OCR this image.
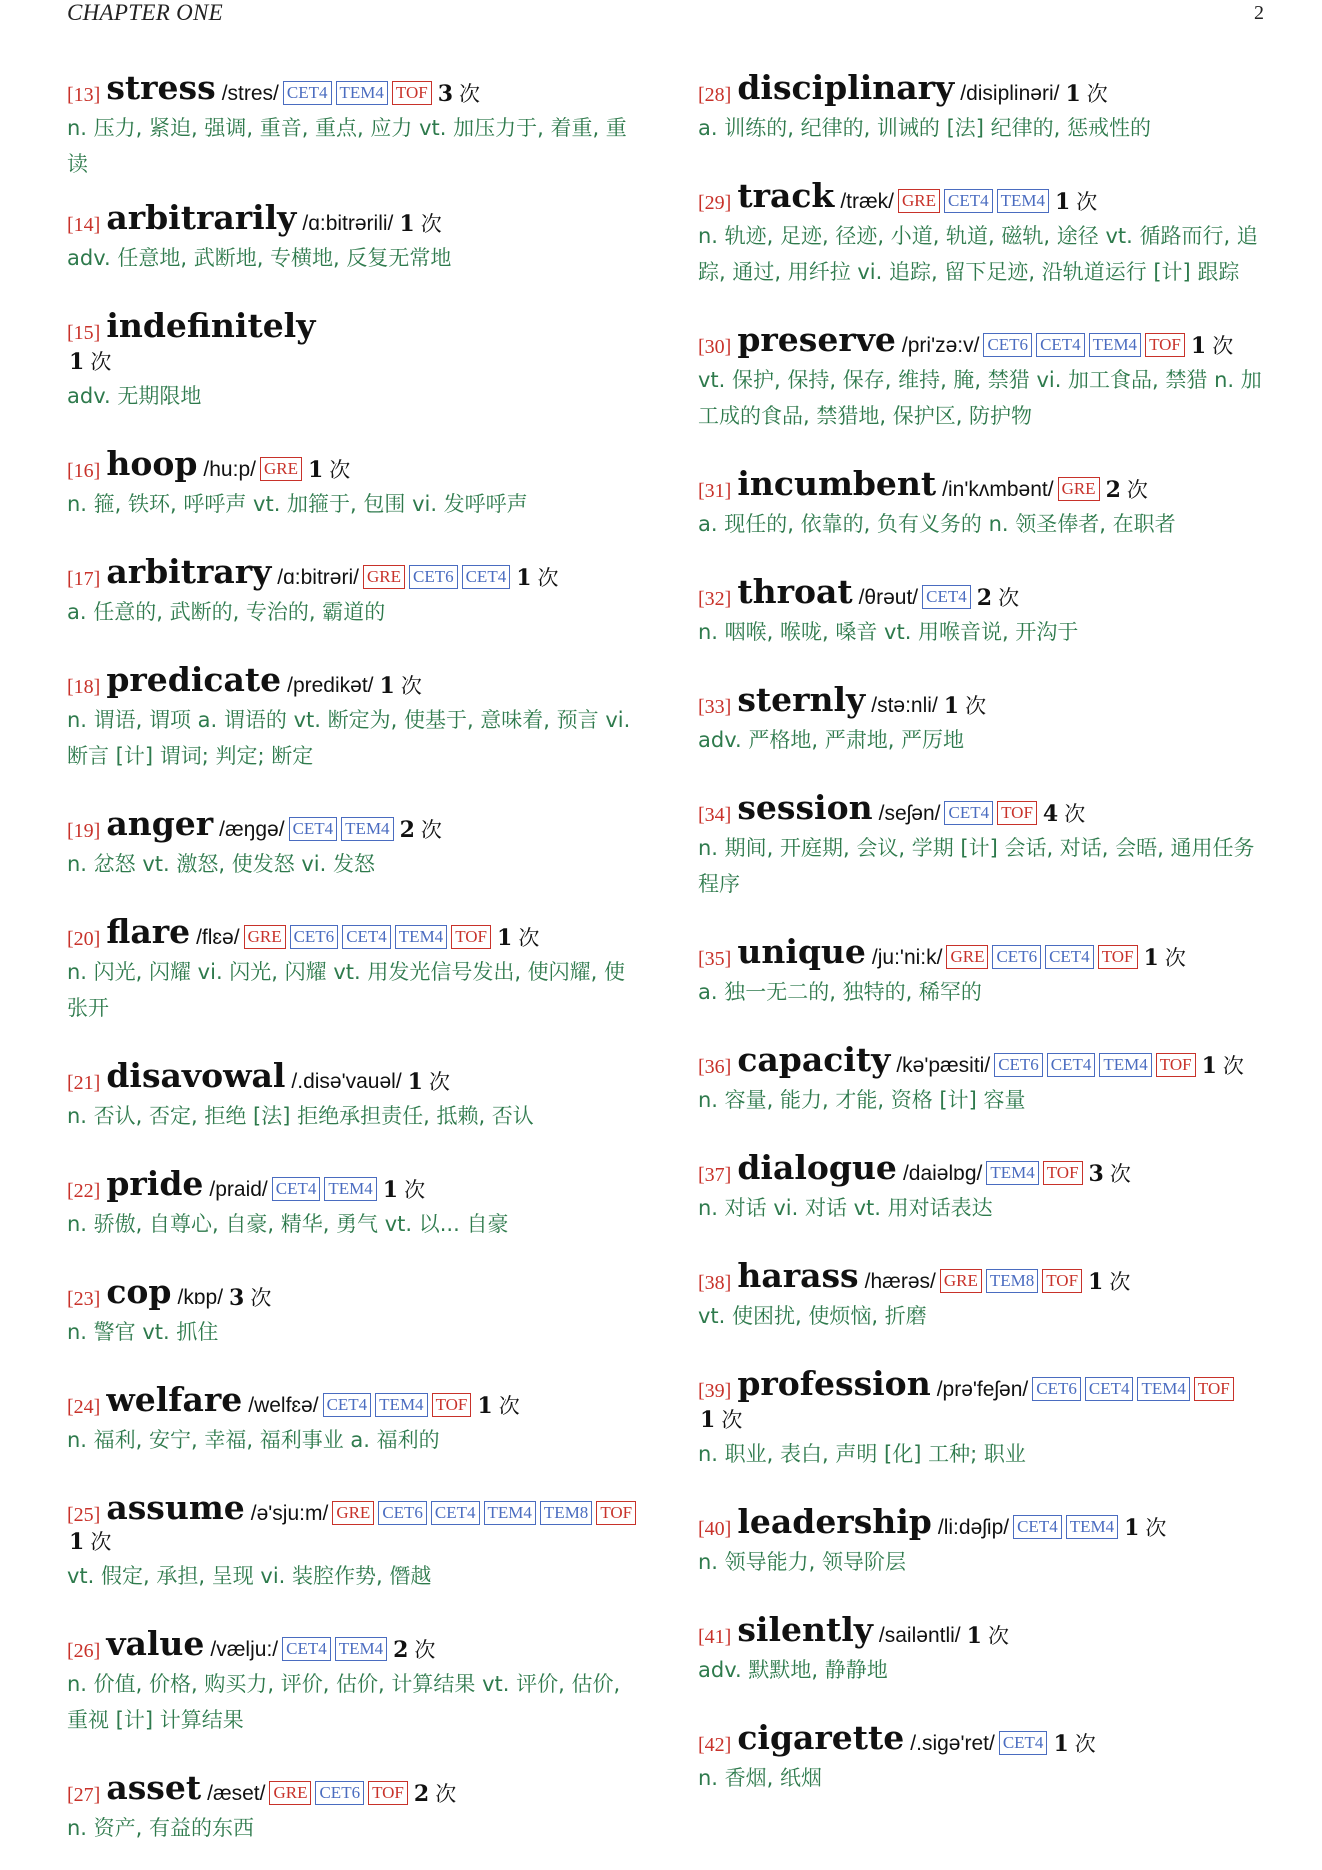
CHAPTER ONE	2
[13] stress /stres/ CET4 TEM4 TOF 3 次
n. 压力, 紧迫, 强调, 重音, 重点, 应力 vt. 加压力于, 着重, 重读
[14] arbitrarily /ɑ:bitrərili/ 1 次
adv. 任意地, 武断地, 专横地, 反复无常地
[15] indefinitely
1 次
adv. 无期限地
[16] hoop /hu:p/ GRE 1 次
n. 箍, 铁环, 呼呼声 vt. 加箍于, 包围 vi. 发呼呼声
[17] arbitrary /ɑ:bitrəri/ GRE CET6 CET4 1 次
a. 任意的, 武断的, 专治的, 霸道的
[18] predicate /predikət/ 1 次
n. 谓语, 谓项 a. 谓语的 vt. 断定为, 使基于, 意味着, 预言 vi. 断言 [计] 谓词; 判定; 断定
[19] anger /æŋgə/ CET4 TEM4 2 次
n. 忿怒 vt. 激怒, 使发怒 vi. 发怒
[20] flare /flɛə/ GRE CET6 CET4 TEM4 TOF 1 次
n. 闪光, 闪耀 vi. 闪光, 闪耀 vt. 用发光信号发出, 使闪耀, 使张开
[21] disavowal /.disə'vauəl/ 1 次
n. 否认, 否定, 拒绝 [法] 拒绝承担责任, 抵赖, 否认
[22] pride /praid/ CET4 TEM4 1 次
n. 骄傲, 自尊心, 自豪, 精华, 勇气 vt. 以... 自豪
[23] cop /kɒp/ 3 次
n. 警官 vt. 抓住
[24] welfare /welfɛə/ CET4 TEM4 TOF 1 次
n. 福利, 安宁, 幸福, 福利事业 a. 福利的
[25] assume /ə'sju:m/ GRE CET6 CET4 TEM4 TEM8 TOF
1 次
vt. 假定, 承担, 呈现 vi. 装腔作势, 僭越
[26] value /vælju:/ CET4 TEM4 2 次
n. 价值, 价格, 购买力, 评价, 估价, 计算结果 vt. 评价, 估价, 重视 [计] 计算结果
[27] asset /æset/ GRE CET6 TOF 2 次
n. 资产, 有益的东西
[28] disciplinary /disiplinəri/ 1 次
a. 训练的, 纪律的, 训诫的 [法] 纪律的, 惩戒性的
[29] track /træk/ GRE CET4 TEM4 1 次
n. 轨迹, 足迹, 径迹, 小道, 轨道, 磁轨, 途径 vt. 循路而行, 追踪, 通过, 用纤拉 vi. 追踪, 留下足迹, 沿轨道运行 [计] 跟踪
[30] preserve /pri'zə:v/ CET6 CET4 TEM4 TOF 1 次
vt. 保护, 保持, 保存, 维持, 腌, 禁猎 vi. 加工食品, 禁猎 n. 加工成的食品, 禁猎地, 保护区, 防护物
[31] incumbent /in'kʌmbənt/ GRE 2 次
a. 现任的, 依靠的, 负有义务的 n. 领圣俸者, 在职者
[32] throat /θrəut/ CET4 2 次
n. 咽喉, 喉咙, 嗓音 vt. 用喉音说, 开沟于
[33] sternly /stə:nli/ 1 次
adv. 严格地, 严肃地, 严厉地
[34] session /seʃən/ CET4 TOF 4 次
n. 期间, 开庭期, 会议, 学期 [计] 会话, 对话, 会晤, 通用任务程序
[35] unique /ju:'ni:k/ GRE CET6 CET4 TOF 1 次
a. 独一无二的, 独特的, 稀罕的
[36] capacity /kə'pæsiti/ CET6 CET4 TEM4 TOF 1 次
n. 容量, 能力, 才能, 资格 [计] 容量
[37] dialogue /daiəlɒg/ TEM4 TOF 3 次
n. 对话 vi. 对话 vt. 用对话表达
[38] harass /hærəs/ GRE TEM8 TOF 1 次
vt. 使困扰, 使烦恼, 折磨
[39] profession /prə'feʃən/ CET6 CET4 TEM4 TOF
1 次
n. 职业, 表白, 声明 [化] 工种; 职业
[40] leadership /li:dəʃip/ CET4 TEM4 1 次
n. 领导能力, 领导阶层
[41] silently /sailəntli/ 1 次
adv. 默默地, 静静地
[42] cigarette /.sigə'ret/ CET4 1 次
n. 香烟, 纸烟
